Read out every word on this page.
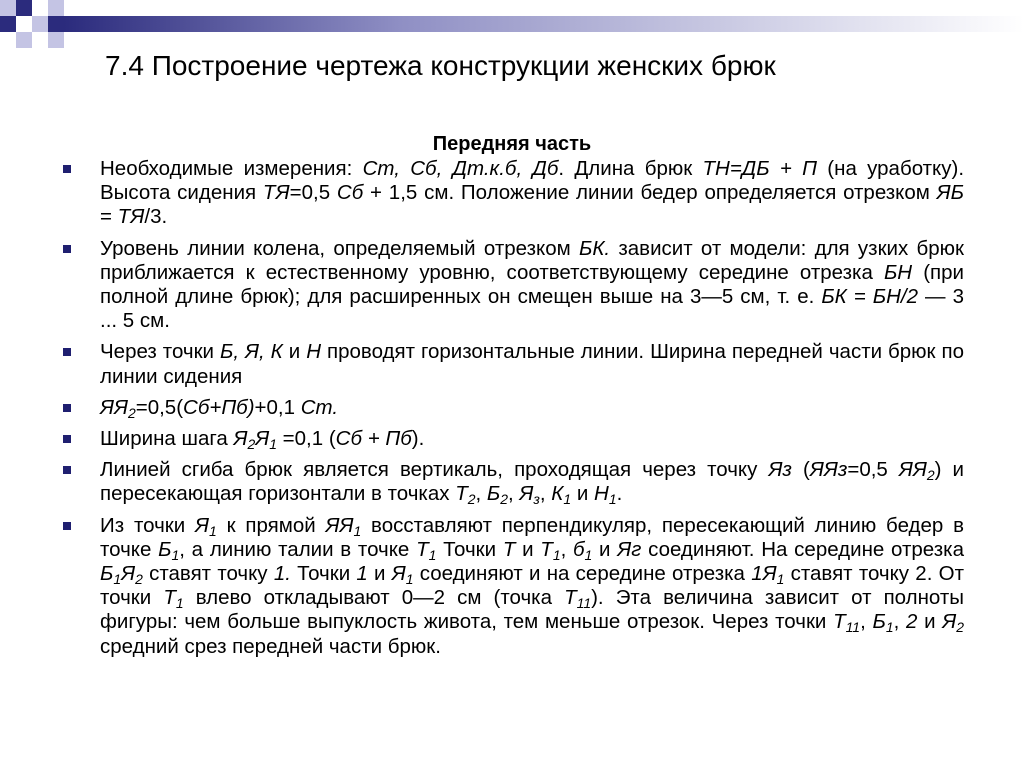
7.4 Построение чертежа конструкции женских брюк
Передняя часть
Необходимые измерения: Ст, Сб, Дт.к.б, Дб. Длина брюк ТН=ДБ + П (на уработку). Высота сидения ТЯ=0,5 Сб + 1,5 см. Положение линии бедер определяется отрезком ЯБ = ТЯ/3.
Уровень линии колена, определяемый отрезком БК. зависит от модели: для узких брюк приближается к естественному уровню, соответствующему середине отрезка БН (при полной длине брюк); для расширенных он смещен выше на 3—5 см, т. е. БК = БН/2 — 3 ... 5 см.
Через точки Б, Я, К и Н проводят горизонтальные линии. Ширина передней части брюк по линии сидения
ЯЯ2=0,5(Сб+Пб)+0,1 Ст.
Ширина шага Я2Я1 =0,1 (Сб + Пб).
Линией сгиба брюк является вертикаль, проходящая через точку Яз (ЯЯз=0,5 ЯЯ2) и пересекающая горизонтали в точках Т2, Б2, Яз, К1 и Н1.
Из точки Я1 к прямой ЯЯ1 восставляют перпендикуляр, пересекающий линию бедер в точке Б1, а линию талии в точке Т1 Точки Т и Т1, б1 и Яг соединяют. На середине отрезка Б1Я2 ставят точку 1. Точки 1 и Я1 соединяют и на середине отрезка 1Я1 ставят точку 2. От точки Т1 влево откладывают 0—2 см (точка Т11). Эта величина зависит от полноты фигуры: чем больше выпуклость живота, тем меньше отрезок. Через точки Т11, Б1, 2 и Я2 средний срез передней части брюк.
